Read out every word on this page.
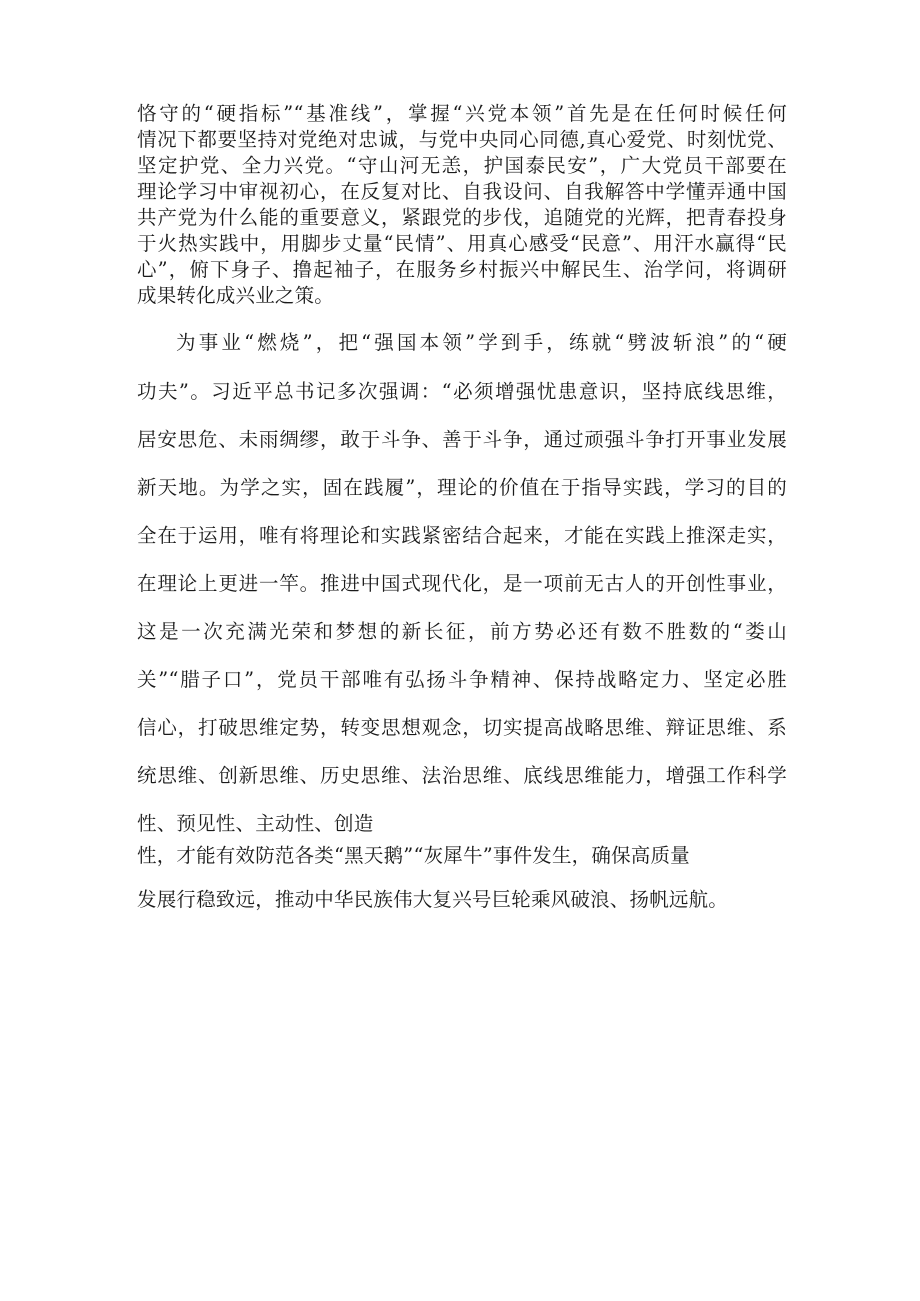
恪守的“硬指标”“基准线”，掌握“兴党本领”首先是在任何时候任何
情况下都要坚持对党绝对忠诚，与党中央同心同德,真心爱党、时刻忧党、
坚定护党、全力兴党。“守山河无恙，护国泰民安”，广大党员干部要在
理论学习中审视初心，在反复对比、自我设问、自我解答中学懂弄通中国
共产党为什么能的重要意义，紧跟党的步伐，追随党的光辉，把青春投身
于火热实践中，用脚步丈量“民情”、用真心感受“民意”、用汗水赢得“民
心”，俯下身子、撸起袖子，在服务乡村振兴中解民生、治学问，将调研
成果转化成兴业之策。
为事业“燃烧”，把“强国本领”学到手，练就“劈波斩浪”的“硬
功夫”。习近平总书记多次强调：“必须增强忧患意识，坚持底线思维，
居安思危、未雨绸缪，敢于斗争、善于斗争，通过顽强斗争打开事业发展
新天地。为学之实，固在践履”，理论的价值在于指导实践，学习的目的
全在于运用，唯有将理论和实践紧密结合起来，才能在实践上推深走实，
在理论上更进一竿。推进中国式现代化，是一项前无古人的开创性事业，
这是一次充满光荣和梦想的新长征，前方势必还有数不胜数的“娄山
关”“腊子口”，党员干部唯有弘扬斗争精神、保持战略定力、坚定必胜
信心，打破思维定势，转变思想观念，切实提高战略思维、辩证思维、系
统思维、创新思维、历史思维、法治思维、底线思维能力，增强工作科学
性、预见性、主动性、创造
性，才能有效防范各类“黑天鹅”“灰犀牛”事件发生，确保高质量
发展行稳致远，推动中华民族伟大复兴号巨轮乘风破浪、扬帆远航。
